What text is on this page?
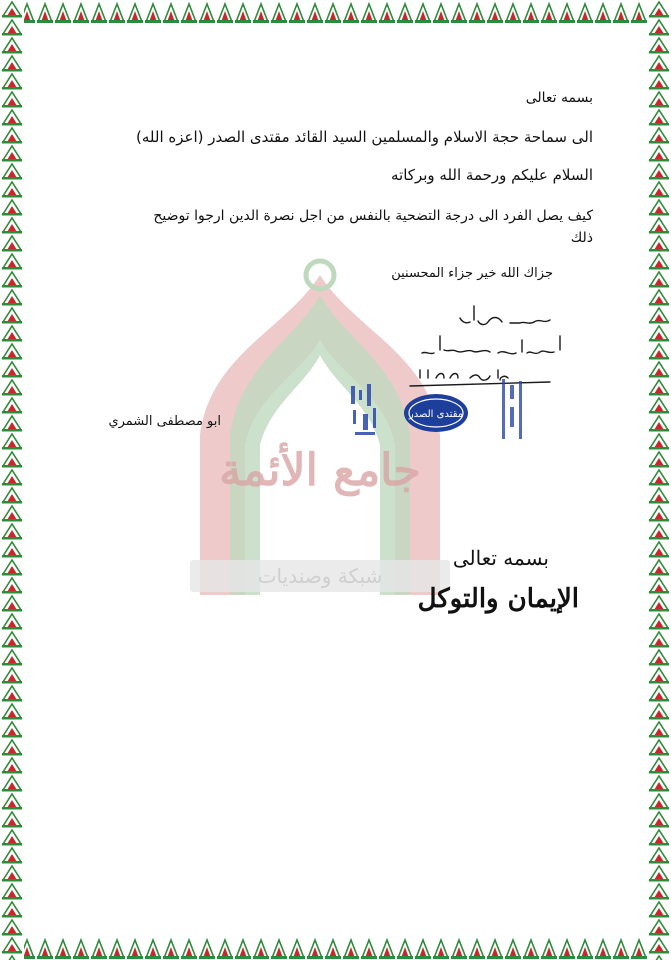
شبكة وصنديات
جامع الأئمة
بسمه تعالى
الى سماحة حجة الاسلام والمسلمين السيد القائد مقتدى الصدر (اعزه الله)
السلام عليكم ورحمة الله وبركاته
كيف يصل الفرد الى درجة التضحية بالنفس من اجل نصرة الدين ارجوا توضيح
ذلك
جزاك الله خير جزاء المحسنين
ابو مصطفى الشمري	مقتدى الصدر
بسمه تعالى
الإيمان والتوكل
